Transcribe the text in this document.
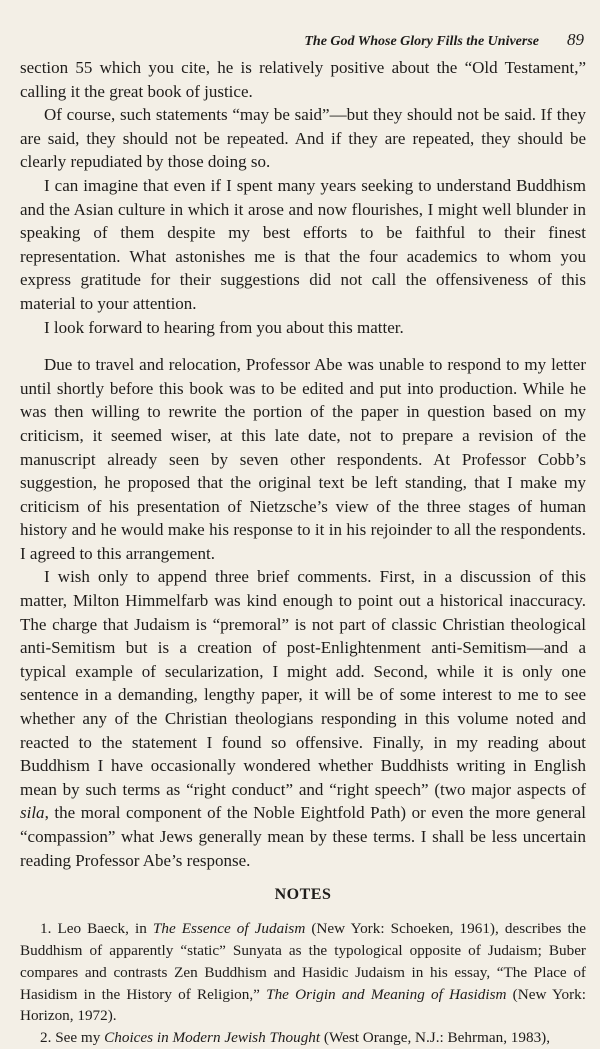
The God Whose Glory Fills the Universe 89

section 55 which you cite, he is relatively positive about the “Old Testament,” calling it the great book of justice.

Of course, such statements “may be said”—but they should not be said. If they are said, they should not be repeated. And if they are repeated, they should be clearly repudiated by those doing so.

I can imagine that even if I spent many years seeking to understand Buddhism and the Asian culture in which it arose and now flourishes, I might well blunder in speaking of them despite my best efforts to be faithful to their finest representation. What astonishes me is that the four academics to whom you express gratitude for their suggestions did not call the offensiveness of this material to your attention.

I look forward to hearing from you about this matter.

Due to travel and relocation, Professor Abe was unable to respond to my letter until shortly before this book was to be edited and put into production. While he was then willing to rewrite the portion of the paper in question based on my criticism, it seemed wiser, at this late date, not to prepare a revision of the manuscript already seen by seven other respondents. At Professor Cobb’s suggestion, he proposed that the original text be left standing, that I make my criticism of his presentation of Nietzsche’s view of the three stages of human history and he would make his response to it in his rejoinder to all the respondents. I agreed to this arrangement.

I wish only to append three brief comments. First, in a discussion of this matter, Milton Himmelfarb was kind enough to point out a historical inaccuracy. The charge that Judaism is “premoral” is not part of classic Christian theological anti-Semitism but is a creation of post-Enlightenment anti-Semitism—and a typical example of secularization, I might add. Second, while it is only one sentence in a demanding, lengthy paper, it will be of some interest to me to see whether any of the Christian theologians responding in this volume noted and reacted to the statement I found so offensive. Finally, in my reading about Buddhism I have occasionally wondered whether Buddhists writing in English mean by such terms as “right conduct” and “right speech” (two major aspects of sila, the moral component of the Noble Eightfold Path) or even the more general “compassion” what Jews generally mean by these terms. I shall be less uncertain reading Professor Abe’s response.

NOTES

1. Leo Baeck, in The Essence of Judaism (New York: Schoeken, 1961), describes the Buddhism of apparently “static” Sunyata as the typological opposite of Judaism; Buber compares and contrasts Zen Buddhism and Hasidic Judaism in his essay, “The Place of Hasidism in the History of Religion,” The Origin and Meaning of Hasidism (New York: Horizon, 1972).

2. See my Choices in Modern Jewish Thought (West Orange, N.J.: Behrman, 1983),
